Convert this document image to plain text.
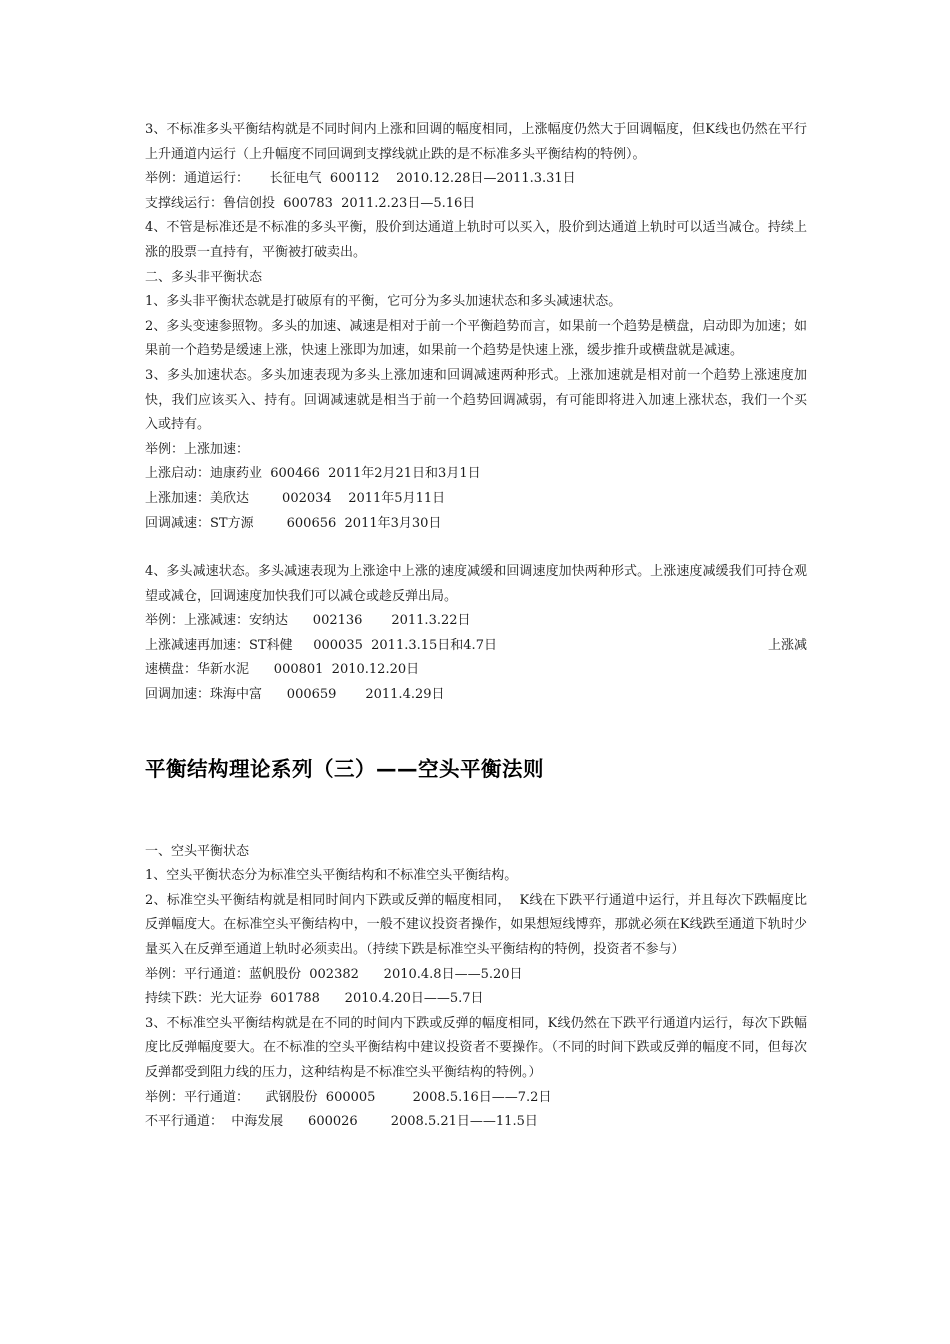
3、不标准多头平衡结构就是不同时间内上涨和回调的幅度相同，上涨幅度仍然大于回调幅度，但K线也仍然在平行上升通道内运行（上升幅度不同回调到支撑线就止跌的是不标准多头平衡结构的特例）。

举例：通道运行：     长征电气  600112    2010.12.28日—2011.3.31日

支撑线运行：鲁信创投  600783  2011.2.23日—5.16日

4、不管是标准还是不标准的多头平衡，股价到达通道上轨时可以买入，股价到达通道上轨时可以适当减仓。持续上涨的股票一直持有，平衡被打破卖出。

二、多头非平衡状态

1、多头非平衡状态就是打破原有的平衡，它可分为多头加速状态和多头减速状态。

2、多头变速参照物。多头的加速、减速是相对于前一个平衡趋势而言，如果前一个趋势是横盘，启动即为加速；如果前一个趋势是缓速上涨，快速上涨即为加速，如果前一个趋势是快速上涨，缓步推升或横盘就是减速。

3、多头加速状态。多头加速表现为多头上涨加速和回调减速两种形式。上涨加速就是相对前一个趋势上涨速度加快，我们应该买入、持有。回调减速就是相当于前一个趋势回调减弱，有可能即将进入加速上涨状态，我们一个买入或持有。

举例：上涨加速：

上涨启动：迪康药业  600466  2011年2月21日和3月1日

上涨加速：美欣达        002034    2011年5月11日

回调减速：ST方源        600656  2011年3月30日

4、多头减速状态。多头减速表现为上涨途中上涨的速度减缓和回调速度加快两种形式。上涨速度减缓我们可持仓观望或减仓，回调速度加快我们可以减仓或趁反弹出局。

举例：上涨减速：安纳达      002136       2011.3.22日

上涨减速再加速：ST科健     000035  2011.3.15日和4.7日	上涨减

速横盘：华新水泥      000801  2010.12.20日

回调加速：珠海中富      000659       2011.4.29日

平衡结构理论系列（三）——空头平衡法则

一、空头平衡状态

1、空头平衡状态分为标准空头平衡结构和不标准空头平衡结构。

2、标准空头平衡结构就是相同时间内下跌或反弹的幅度相同，  K线在下跌平行通道中运行，并且每次下跌幅度比反弹幅度大。在标准空头平衡结构中，一般不建议投资者操作，如果想短线博弈，那就必须在K线跌至通道下轨时少量买入在反弹至通道上轨时必须卖出。（持续下跌是标准空头平衡结构的特例，投资者不参与）

举例：平行通道：蓝帆股份  002382      2010.4.8日——5.20日

持续下跌：光大证券  601788      2010.4.20日——5.7日

3、不标准空头平衡结构就是在不同的时间内下跌或反弹的幅度相同，K线仍然在下跌平行通道内运行，每次下跌幅度比反弹幅度要大。在不标准的空头平衡结构中建议投资者不要操作。（不同的时间下跌或反弹的幅度不同，但每次反弹都受到阻力线的压力，这种结构是不标准空头平衡结构的特例。）

举例：平行通道：    武钢股份  600005         2008.5.16日——7.2日

不平行通道：  中海发展      600026        2008.5.21日——11.5日
